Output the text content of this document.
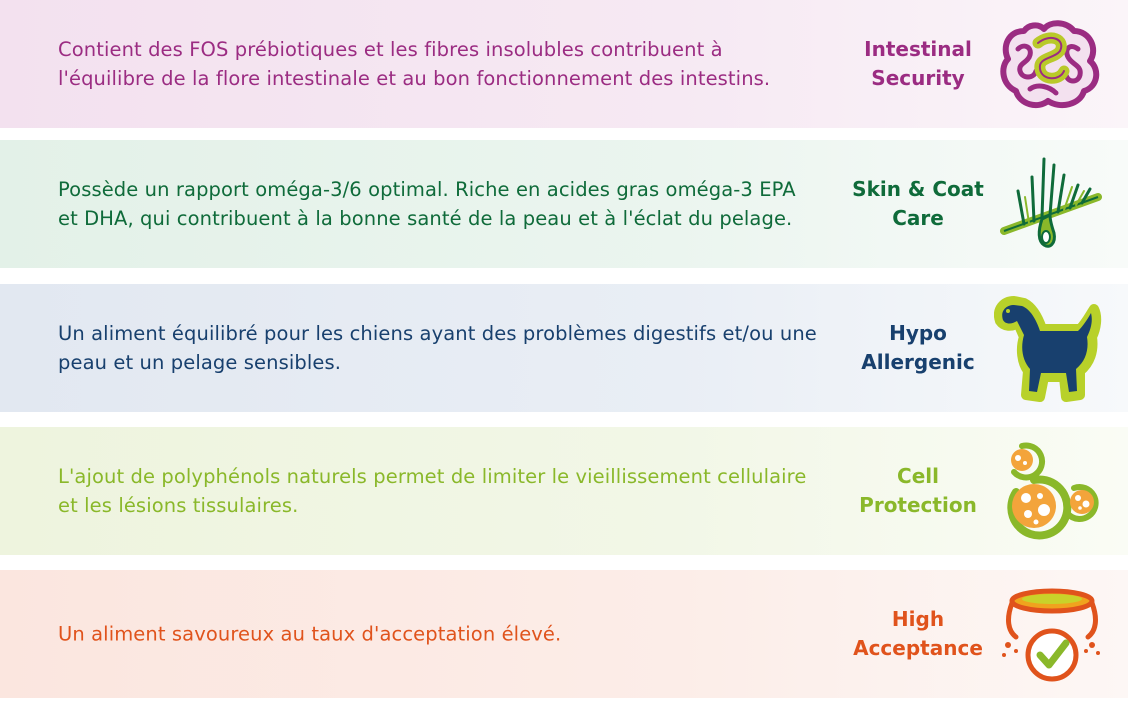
Contient des FOS prébiotiques et les fibres insolubles contribuent à
l'équilibre de la flore intestinale et au bon fonctionnement des intestins.
Intestinal
Security
Possède un rapport oméga-3/6 optimal. Riche en acides gras oméga-3 EPA
et DHA, qui contribuent à la bonne santé de la peau et à l'éclat du pelage.
Skin & Coat
Care
Un aliment équilibré pour les chiens ayant des problèmes digestifs et/ou une
peau et un pelage sensibles.
Hypo
Allergenic
L'ajout de polyphénols naturels permet de limiter le vieillissement cellulaire
et les lésions tissulaires.
Cell
Protection
Un aliment savoureux au taux d'acceptation élevé.
High
Acceptance
